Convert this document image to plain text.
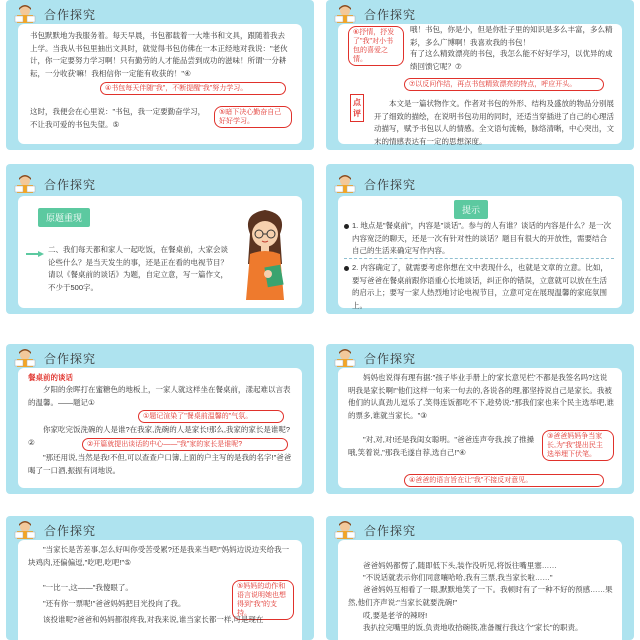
合作探究
书包默默地为我服务着。每天早晨，书包都载着一大堆书和文具，跟随着我去上学。当我从书包里抽出文具时，就觉得书包仿佛在一本正经地对我说："老伙计，你一定要努力学习啊！只有勤劳的人才能品尝到成功的滋味！所谓'一分耕耘，一分收获'嘛！我相信你一定能有收获的！"④
④书包每天伴随"我"，不断提醒"我"努力学习。
这时，我便会在心里说："书包，我一定要勤奋学习，不让我可爱的书包失望。⑤
⑤暗下决心勤奋自己好好学习。
合作探究
⑥抒情，抒发了"我"对小书包的喜爱之情。
哦！书包，你是小，但是你肚子里的知识是多么丰富，多么精彩，多么广博啊！我喜欢我的书包！
有了这么精致漂亮的书包，我怎么能不好好学习，以优异的成绩回馈它呢？⑦
⑦以反问作结，再点书包精致漂亮的特点，呼应开头。
点评
本文是一篇状物作文。作者对书包的外形、结构及盛放的物品分别展开了细致的描绘，在说明书包功用的同时，还适当穿插进了自己的心理活动描写，赋予书包以人的情感。全文语句流畅，脉络清晰，中心突出，文末的情感表达有一定的思想深度。
合作探究
原题重现
二、我们每天都和家人一起吃饭，在餐桌前，大家会谈论些什么？是当天发生的事，还是正在看的电视节目？请以《餐桌前的谈话》为题，自定立意，写一篇作文，不少于500字。
合作探究
提示
1. 地点是"餐桌前"，内容是"谈话"。参与的人有谁？谈话的内容是什么？是一次内容宽泛的聊天，还是一次有针对性的谈话？题目有很大的开放性，需要结合自己的生活来确定写作内容。
2. 内容确定了，就需要考虑你想在文中表现什么，也就是文章的立意。比如，要写爸爸在餐桌前跟你语重心长地谈话，纠正你的错误，立意就可以放在生活的启示上；要写一家人热烈地讨论电视节目，立意可定在展现温馨的家庭氛围上。
合作探究
餐桌前的谈话
夕阳的余晖打在蜜糖色的地板上，一家人就这样坐在餐桌前，漾起难以言表的温馨。——题记①
①题记渲染了"餐桌前温馨的"气氛。
你家吃完饭洗碗的人是谁?在我家,洗碗的人是家长!那么,我家的家长是谁呢?②	②开篇就提出谈话的中心——"我"家的家长是谁呢?
"那还用说,当然是我!不但,可以查查户口簿,上面的户主写的是我的名字!"爸爸喝了一口酒,振振有词地说。
合作探究
妈妈也说得有理有据:"孩子毕业手册上的'家长意见栏'不都是我签名吗?这说明我是家长啊!"他们这样一句来一句去的,各说各的理,都坚持说自己是家长。我被他们的认真劲儿逗乐了,笑得连饭都吃不下,趁势说:"那我们家也来个民主选举吧,谁的票多,谁就当家长。"③
"对,对,对!还是我闺女聪明。"爸爸连声夸我,挨了推搡哦,笑着说,"那我毛遂自荐,选自己!"④
③爸爸妈妈争当家长,为"我"提出民主选举埋下伏笔。
④爸爸的语言旨在让"我"不接反对意见。
合作探究
"当家长是苦差事,怎么好叫你受苦受累?还是我来当吧!"妈妈边说边夹给我一块鸡肉,还偏偏逗,"吃吧,吃吧!"⑤
⑤妈妈的动作和语言说明她也想得到"我"的支持。
"一比一,这——"我傻眼了。
"还有你一票呢!"爸爸妈妈把目光投向了我。
该投谁呢?爸爸和妈妈都很疼我,对我来说,谁当家长都一样,可是现在
合作探究
爸爸妈妈都愣了,随即低下头,装作没听见,将饭往嘴里塞……
"不说话就表示你们同意嚷哈哈,我有三票,我当家长啦……"
爸爸妈妈互相看了一眼,默默地笑了一下。我顿时有了一种不好的预感……果然,他们齐声说:"当家长就要洗碗!"
哎,要是老爷的辣呀!
我扒拉完嘴里的饭,负责地收拾碗筷,准备履行我这个"家长"的职责。
